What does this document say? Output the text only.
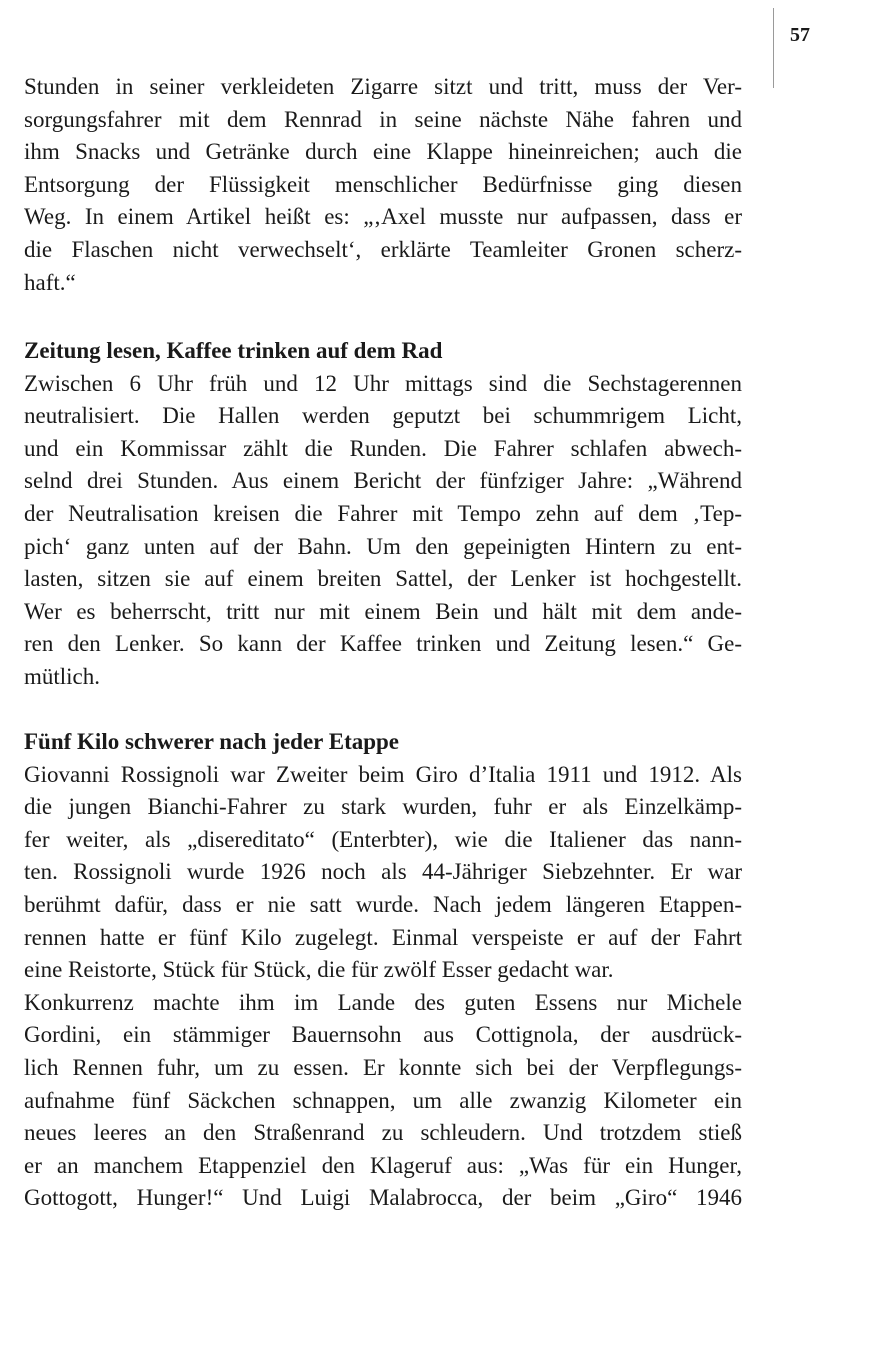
57
Stunden in seiner verkleideten Zigarre sitzt und tritt, muss der Ver-
sorgungsfahrer mit dem Rennrad in seine nächste Nähe fahren und
ihm Snacks und Getränke durch eine Klappe hineinreichen; auch die
Entsorgung der Flüssigkeit menschlicher Bedürfnisse ging diesen
Weg. In einem Artikel heißt es: „‚Axel musste nur aufpassen, dass er
die Flaschen nicht verwechselt‘, erklärte Teamleiter Gronen scherz-
haft.“
Zeitung lesen, Kaffee trinken auf dem Rad
Zwischen 6 Uhr früh und 12 Uhr mittags sind die Sechstagerennen
neutralisiert. Die Hallen werden geputzt bei schummrigem Licht,
und ein Kommissar zählt die Runden. Die Fahrer schlafen abwech-
selnd drei Stunden. Aus einem Bericht der fünfziger Jahre: „Während
der Neutralisation kreisen die Fahrer mit Tempo zehn auf dem ‚Tep-
pich‘ ganz unten auf der Bahn. Um den gepeinigten Hintern zu ent-
lasten, sitzen sie auf einem breiten Sattel, der Lenker ist hochgestellt.
Wer es beherrscht, tritt nur mit einem Bein und hält mit dem ande-
ren den Lenker. So kann der Kaffee trinken und Zeitung lesen.“ Ge-
mütlich.
Fünf Kilo schwerer nach jeder Etappe
Giovanni Rossignoli war Zweiter beim Giro d’Italia 1911 und 1912. Als
die jungen Bianchi-Fahrer zu stark wurden, fuhr er als Einzelkämp-
fer weiter, als „disereditato“ (Enterbter), wie die Italiener das nann-
ten. Rossignoli wurde 1926 noch als 44-Jähriger Siebzehnter. Er war
berühmt dafür, dass er nie satt wurde. Nach jedem längeren Etappen-
rennen hatte er fünf Kilo zugelegt. Einmal verspeiste er auf der Fahrt
eine Reistorte, Stück für Stück, die für zwölf Esser gedacht war.
Konkurrenz machte ihm im Lande des guten Essens nur Michele
Gordini, ein stämmiger Bauernsohn aus Cottignola, der ausdrück-
lich Rennen fuhr, um zu essen. Er konnte sich bei der Verpflegungs-
aufnahme fünf Säckchen schnappen, um alle zwanzig Kilometer ein
neues leeres an den Straßenrand zu schleudern. Und trotzdem stieß
er an manchem Etappenziel den Klageruf aus: „Was für ein Hunger,
Gottogott, Hunger!“ Und Luigi Malabrocca, der beim „Giro“ 1946
